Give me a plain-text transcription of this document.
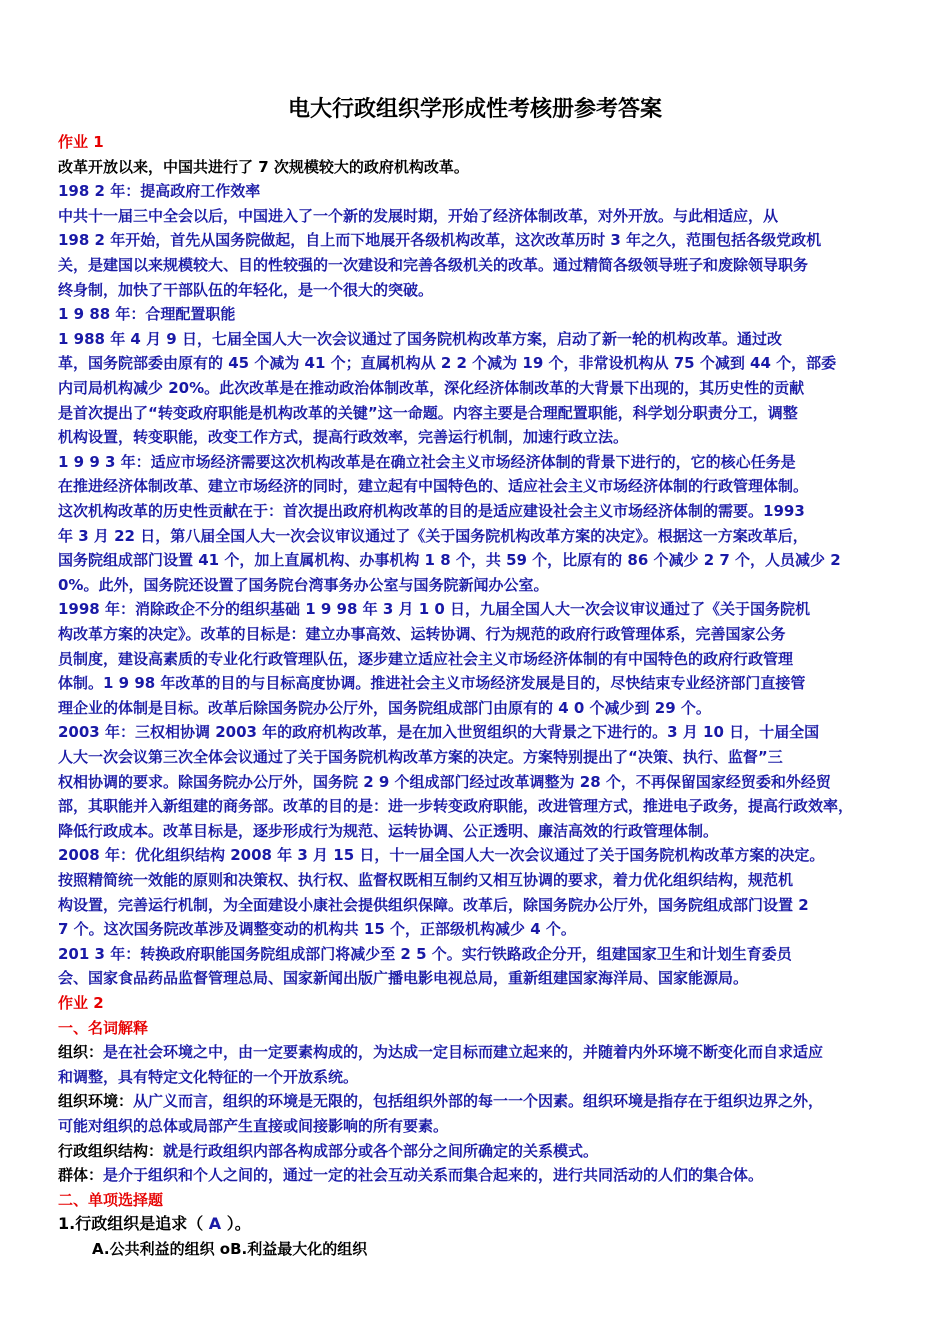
电大行政组织学形成性考核册参考答案
作业 1
改革开放以来，中国共进行了 7 次规模较大的政府机构改革。
198 2 年：提高政府工作效率
中共十一届三中全会以后，中国进入了一个新的发展时期，开始了经济体制改革，对外开放。与此相适应，从
198 2 年开始，首先从国务院做起，自上而下地展开各级机构改革，这次改革历时 3 年之久，范围包括各级党政机
关，是建国以来规模较大、目的性较强的一次建设和完善各级机关的改革。通过精简各级领导班子和废除领导职务
终身制，加快了干部队伍的年轻化，是一个很大的突破。
1 9 88 年：合理配置职能
1 988 年 4 月 9 日，七届全国人大一次会议通过了国务院机构改革方案，启动了新一轮的机构改革。通过改
革，国务院部委由原有的 45 个减为 41 个；直属机构从 2 2 个减为 19 个，非常设机构从 75 个减到 44 个，部委
内司局机构减少 20%。此次改革是在推动政治体制改革，深化经济体制改革的大背景下出现的，其历史性的贡献
是首次提出了“转变政府职能是机构改革的关键”这一命题。内容主要是合理配置职能，科学划分职责分工，调整
机构设置，转变职能，改变工作方式，提高行政效率，完善运行机制，加速行政立法。
1 9 9 3 年：适应市场经济需要这次机构改革是在确立社会主义市场经济体制的背景下进行的，它的核心任务是
在推进经济体制改革、建立市场经济的同时，建立起有中国特色的、适应社会主义市场经济体制的行政管理体制。
这次机构改革的历史性贡献在于：首次提出政府机构改革的目的是适应建设社会主义市场经济体制的需要。1993
年 3 月 22 日，第八届全国人大一次会议审议通过了《关于国务院机构改革方案的决定》。根据这一方案改革后，
国务院组成部门设置 41 个，加上直属机构、办事机构 1 8 个，共 59 个，比原有的 86 个减少 2 7 个，人员减少 2
0%。此外，国务院还设置了国务院台湾事务办公室与国务院新闻办公室。
1998 年：消除政企不分的组织基础 1 9 98 年 3 月 1 0 日，九届全国人大一次会议审议通过了《关于国务院机
构改革方案的决定》。改革的目标是：建立办事高效、运转协调、行为规范的政府行政管理体系，完善国家公务
员制度，建设高素质的专业化行政管理队伍，逐步建立适应社会主义市场经济体制的有中国特色的政府行政管理
体制。1 9 98 年改革的目的与目标高度协调。推进社会主义市场经济发展是目的，尽快结束专业经济部门直接管
理企业的体制是目标。改革后除国务院办公厅外，国务院组成部门由原有的 4 0 个减少到 29 个。
2003 年：三权相协调 2003 年的政府机构改革，是在加入世贸组织的大背景之下进行的。3 月 10 日，十届全国
人大一次会议第三次全体会议通过了关于国务院机构改革方案的决定。方案特别提出了“决策、执行、监督”三
权相协调的要求。除国务院办公厅外，国务院 2 9 个组成部门经过改革调整为 28 个，不再保留国家经贸委和外经贸
部，其职能并入新组建的商务部。改革的目的是：进一步转变政府职能，改进管理方式，推进电子政务，提高行政效率，
降低行政成本。改革目标是，逐步形成行为规范、运转协调、公正透明、廉洁高效的行政管理体制。
2008 年：优化组织结构 2008 年 3 月 15 日，十一届全国人大一次会议通过了关于国务院机构改革方案的决定。
按照精简统一效能的原则和决策权、执行权、监督权既相互制约又相互协调的要求，着力优化组织结构，规范机
构设置，完善运行机制，为全面建设小康社会提供组织保障。改革后，除国务院办公厅外，国务院组成部门设置 2
7 个。这次国务院改革涉及调整变动的机构共 15 个，正部级机构减少 4 个。
201 3 年：转换政府职能国务院组成部门将减少至 2 5 个。实行铁路政企分开，组建国家卫生和计划生育委员
会、国家食品药品监督管理总局、国家新闻出版广播电影电视总局，重新组建国家海洋局、国家能源局。
作业 2
一、名词解释
组织：是在社会环境之中，由一定要素构成的，为达成一定目标而建立起来的，并随着内外环境不断变化而自求适应
和调整，具有特定文化特征的一个开放系统。
组织环境：从广义而言，组织的环境是无限的，包括组织外部的每一一个因素。组织环境是指存在于组织边界之外，
可能对组织的总体或局部产生直接或间接影响的所有要素。
行政组织结构：就是行政组织内部各构成部分或各个部分之间所确定的关系模式。
群体：是介于组织和个人之间的，通过一定的社会互动关系而集合起来的，进行共同活动的人们的集合体。
二、单项选择题
1.行政组织是追求（ A ）。
A.公共利益的组织 oB.利益最大化的组织
